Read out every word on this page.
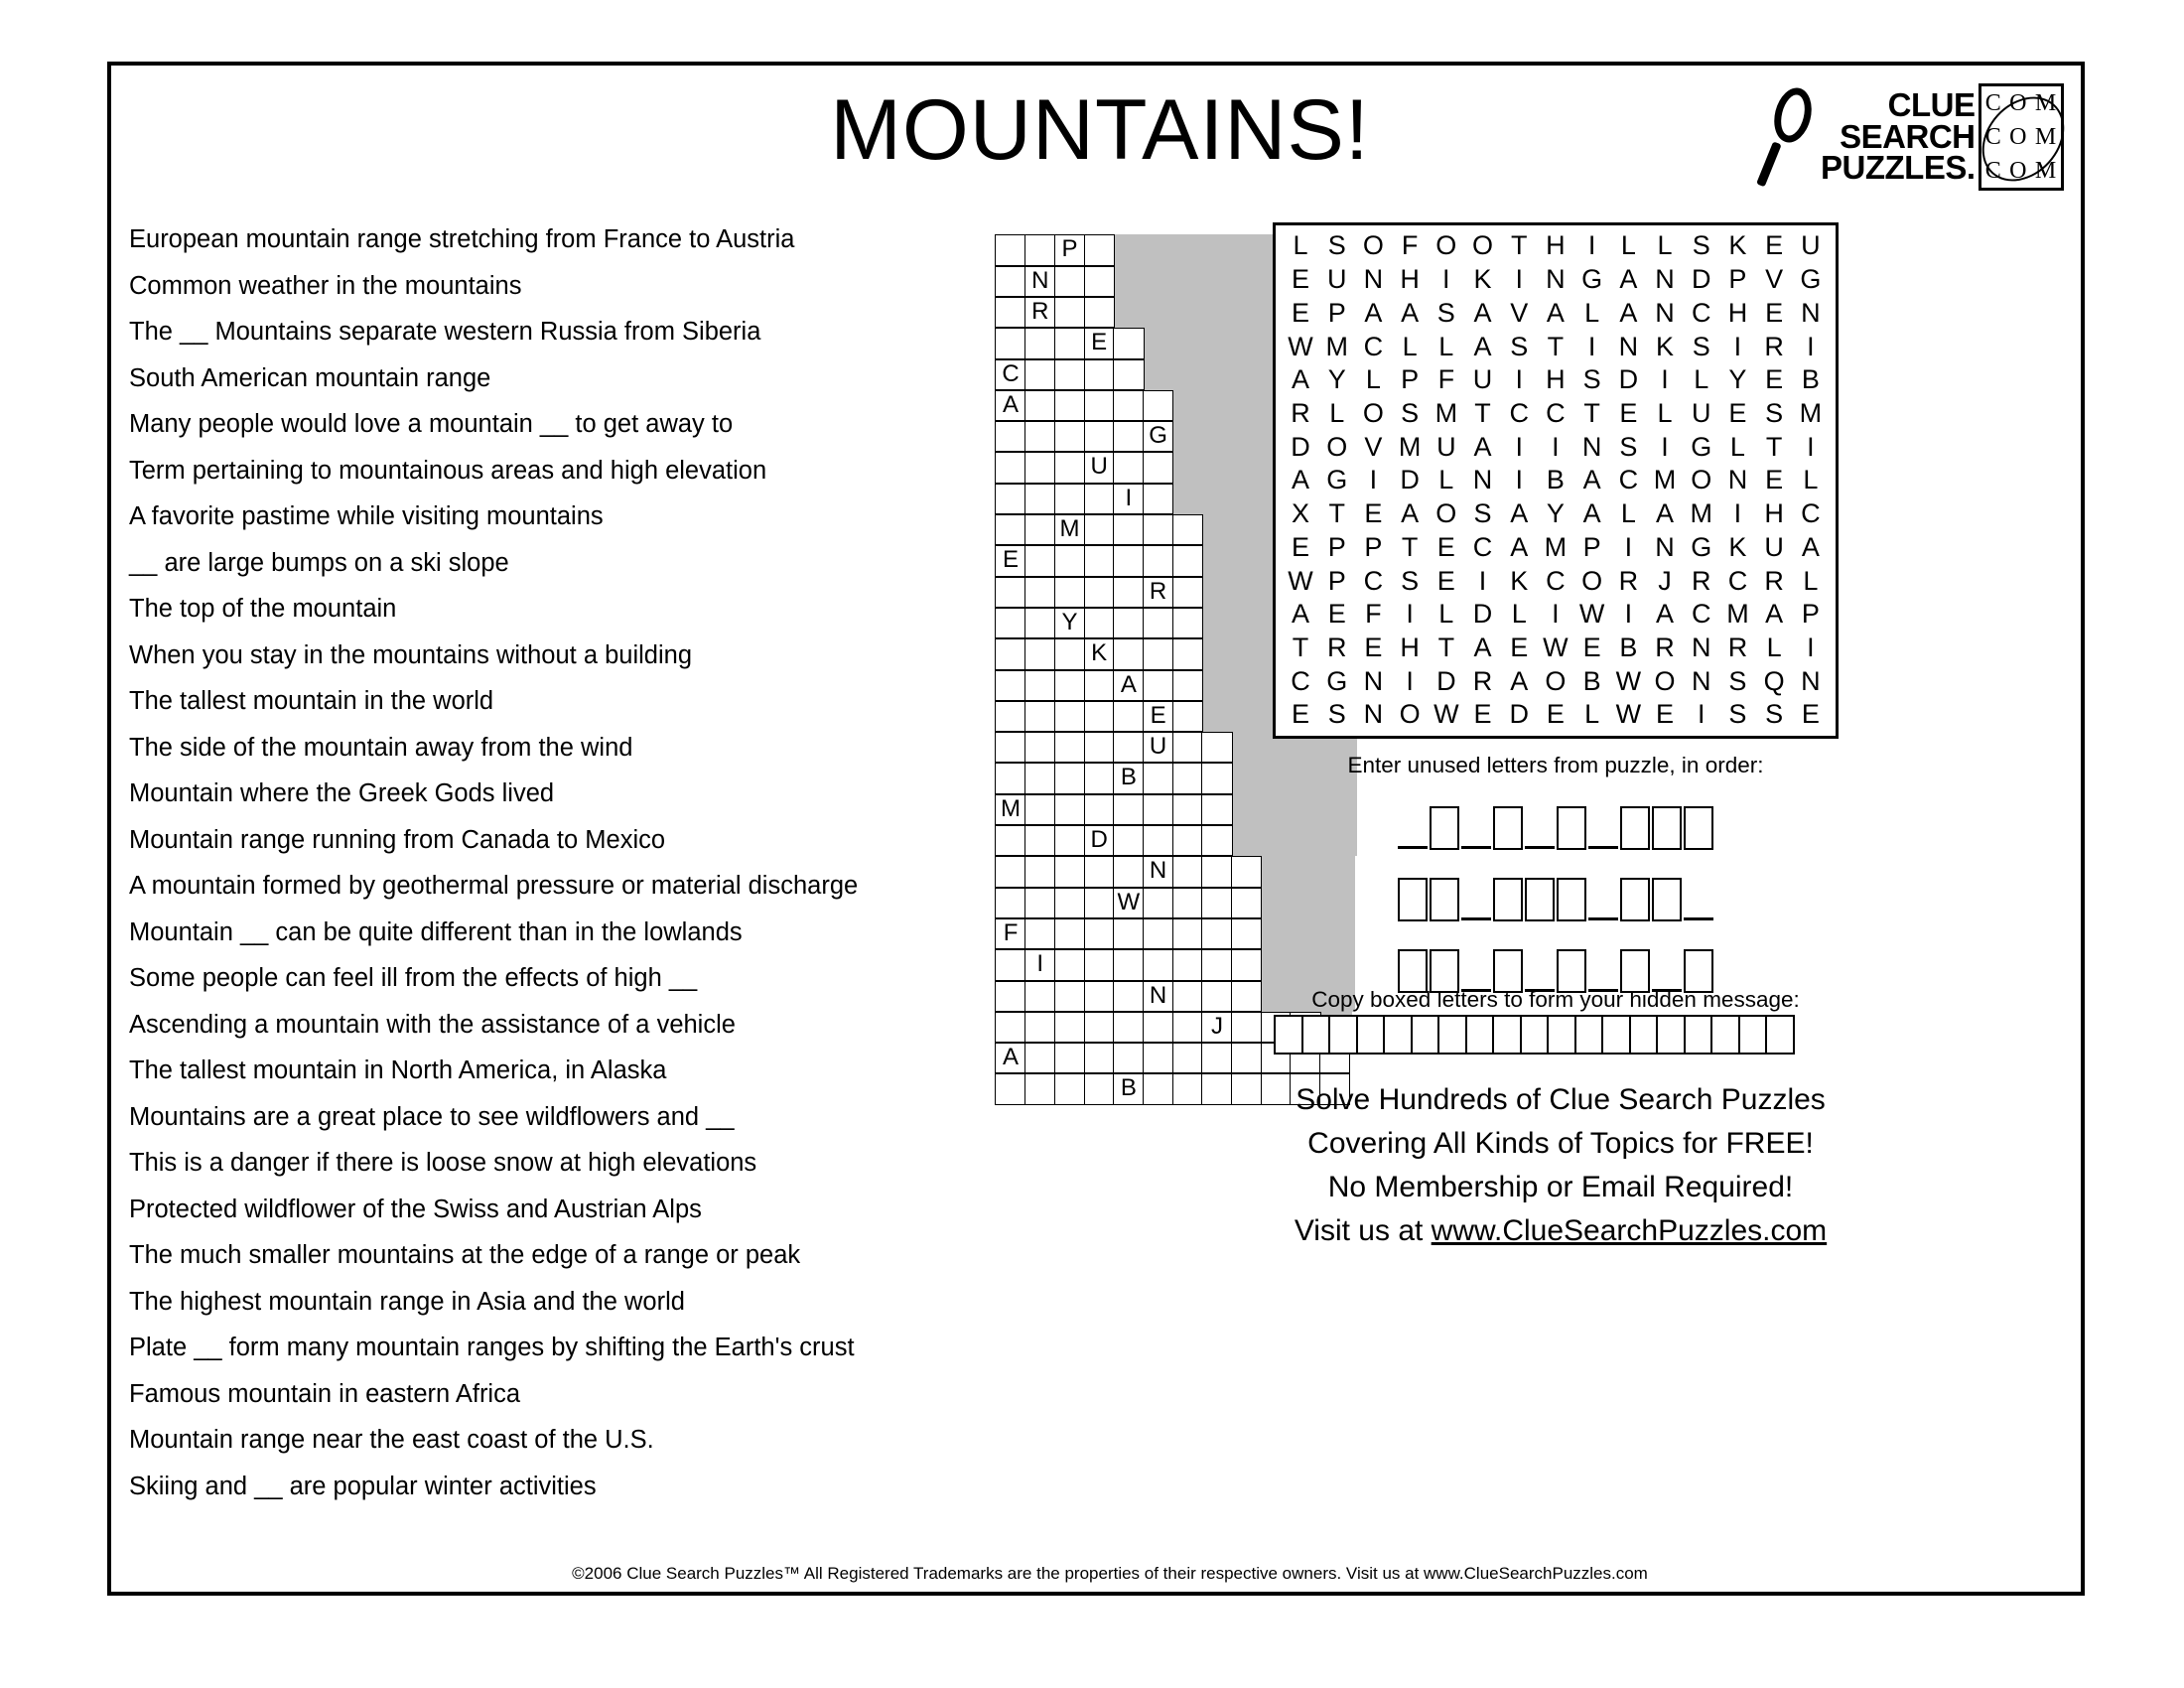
MOUNTAINS!	CLUE
SEARCH
PUZZLES.
C O M
C O M
C O M
European mountain range stretching from France to Austria
Common weather in the mountains
The __ Mountains separate western Russia from Siberia
South American mountain range
Many people would love a mountain __ to get away to
Term pertaining to mountainous areas and high elevation
A favorite pastime while visiting mountains
__ are large bumps on a ski slope
The top of the mountain
When you stay in the mountains without a building
The tallest mountain in the world
The side of the mountain away from the wind
Mountain where the Greek Gods lived
Mountain range running from Canada to Mexico
A mountain formed by geothermal pressure or material discharge
Mountain __ can be quite different than in the lowlands
Some people can feel ill from the effects of high __
Ascending a mountain with the assistance of a vehicle
The tallest mountain in North America, in Alaska
Mountains are a great place to see wildflowers and __
This is a danger if there is loose snow at high elevations
Protected wildflower of the Swiss and Austrian Alps
The much smaller mountains at the edge of a range or peak
The highest mountain range in Asia and the world
Plate __ form many mountain ranges by shifting the Earth's crust
Famous mountain in eastern Africa
Mountain range near the east coast of the U.S.
Skiing and __ are popular winter activities
P
N
R
E
C
A
G
U
I
M
E
R
Y
K
A
E
U
B
M
D
N
W
F
I
N
J
A
B
L S O F O O T H I L L S K E U
E U N H I K I N G A N D P V G
E P A A S A V A L A N C H E N
W M C L L A S T I N K S I R I
A Y L P F U I H S D I L Y E B
R L O S M T C C T E L U E S M
D O V M U A I	I N S I G L T I
A G I D L N I B A C M O N E L
X T E A O S A Y A L A M I H C
E P P T E C A M P I N G K U A
W P C S E I K C O R J R C R L
A E F I L D L I W I A C M A P
T R E H T A E W E B R N R L I
C G N I D R A O B W O N S Q N
E S N O W E D E L W E I S S E
Enter unused letters from puzzle, in order:
Copy boxed letters to form your hidden message:
Solve Hundreds of Clue Search Puzzles
Covering All Kinds of Topics for FREE!
No Membership or Email Required!
Visit us at www.ClueSearchPuzzles.com
©2006 Clue Search Puzzles™ All Registered Trademarks are the properties of their respective owners. Visit us at www.ClueSearchPuzzles.com
